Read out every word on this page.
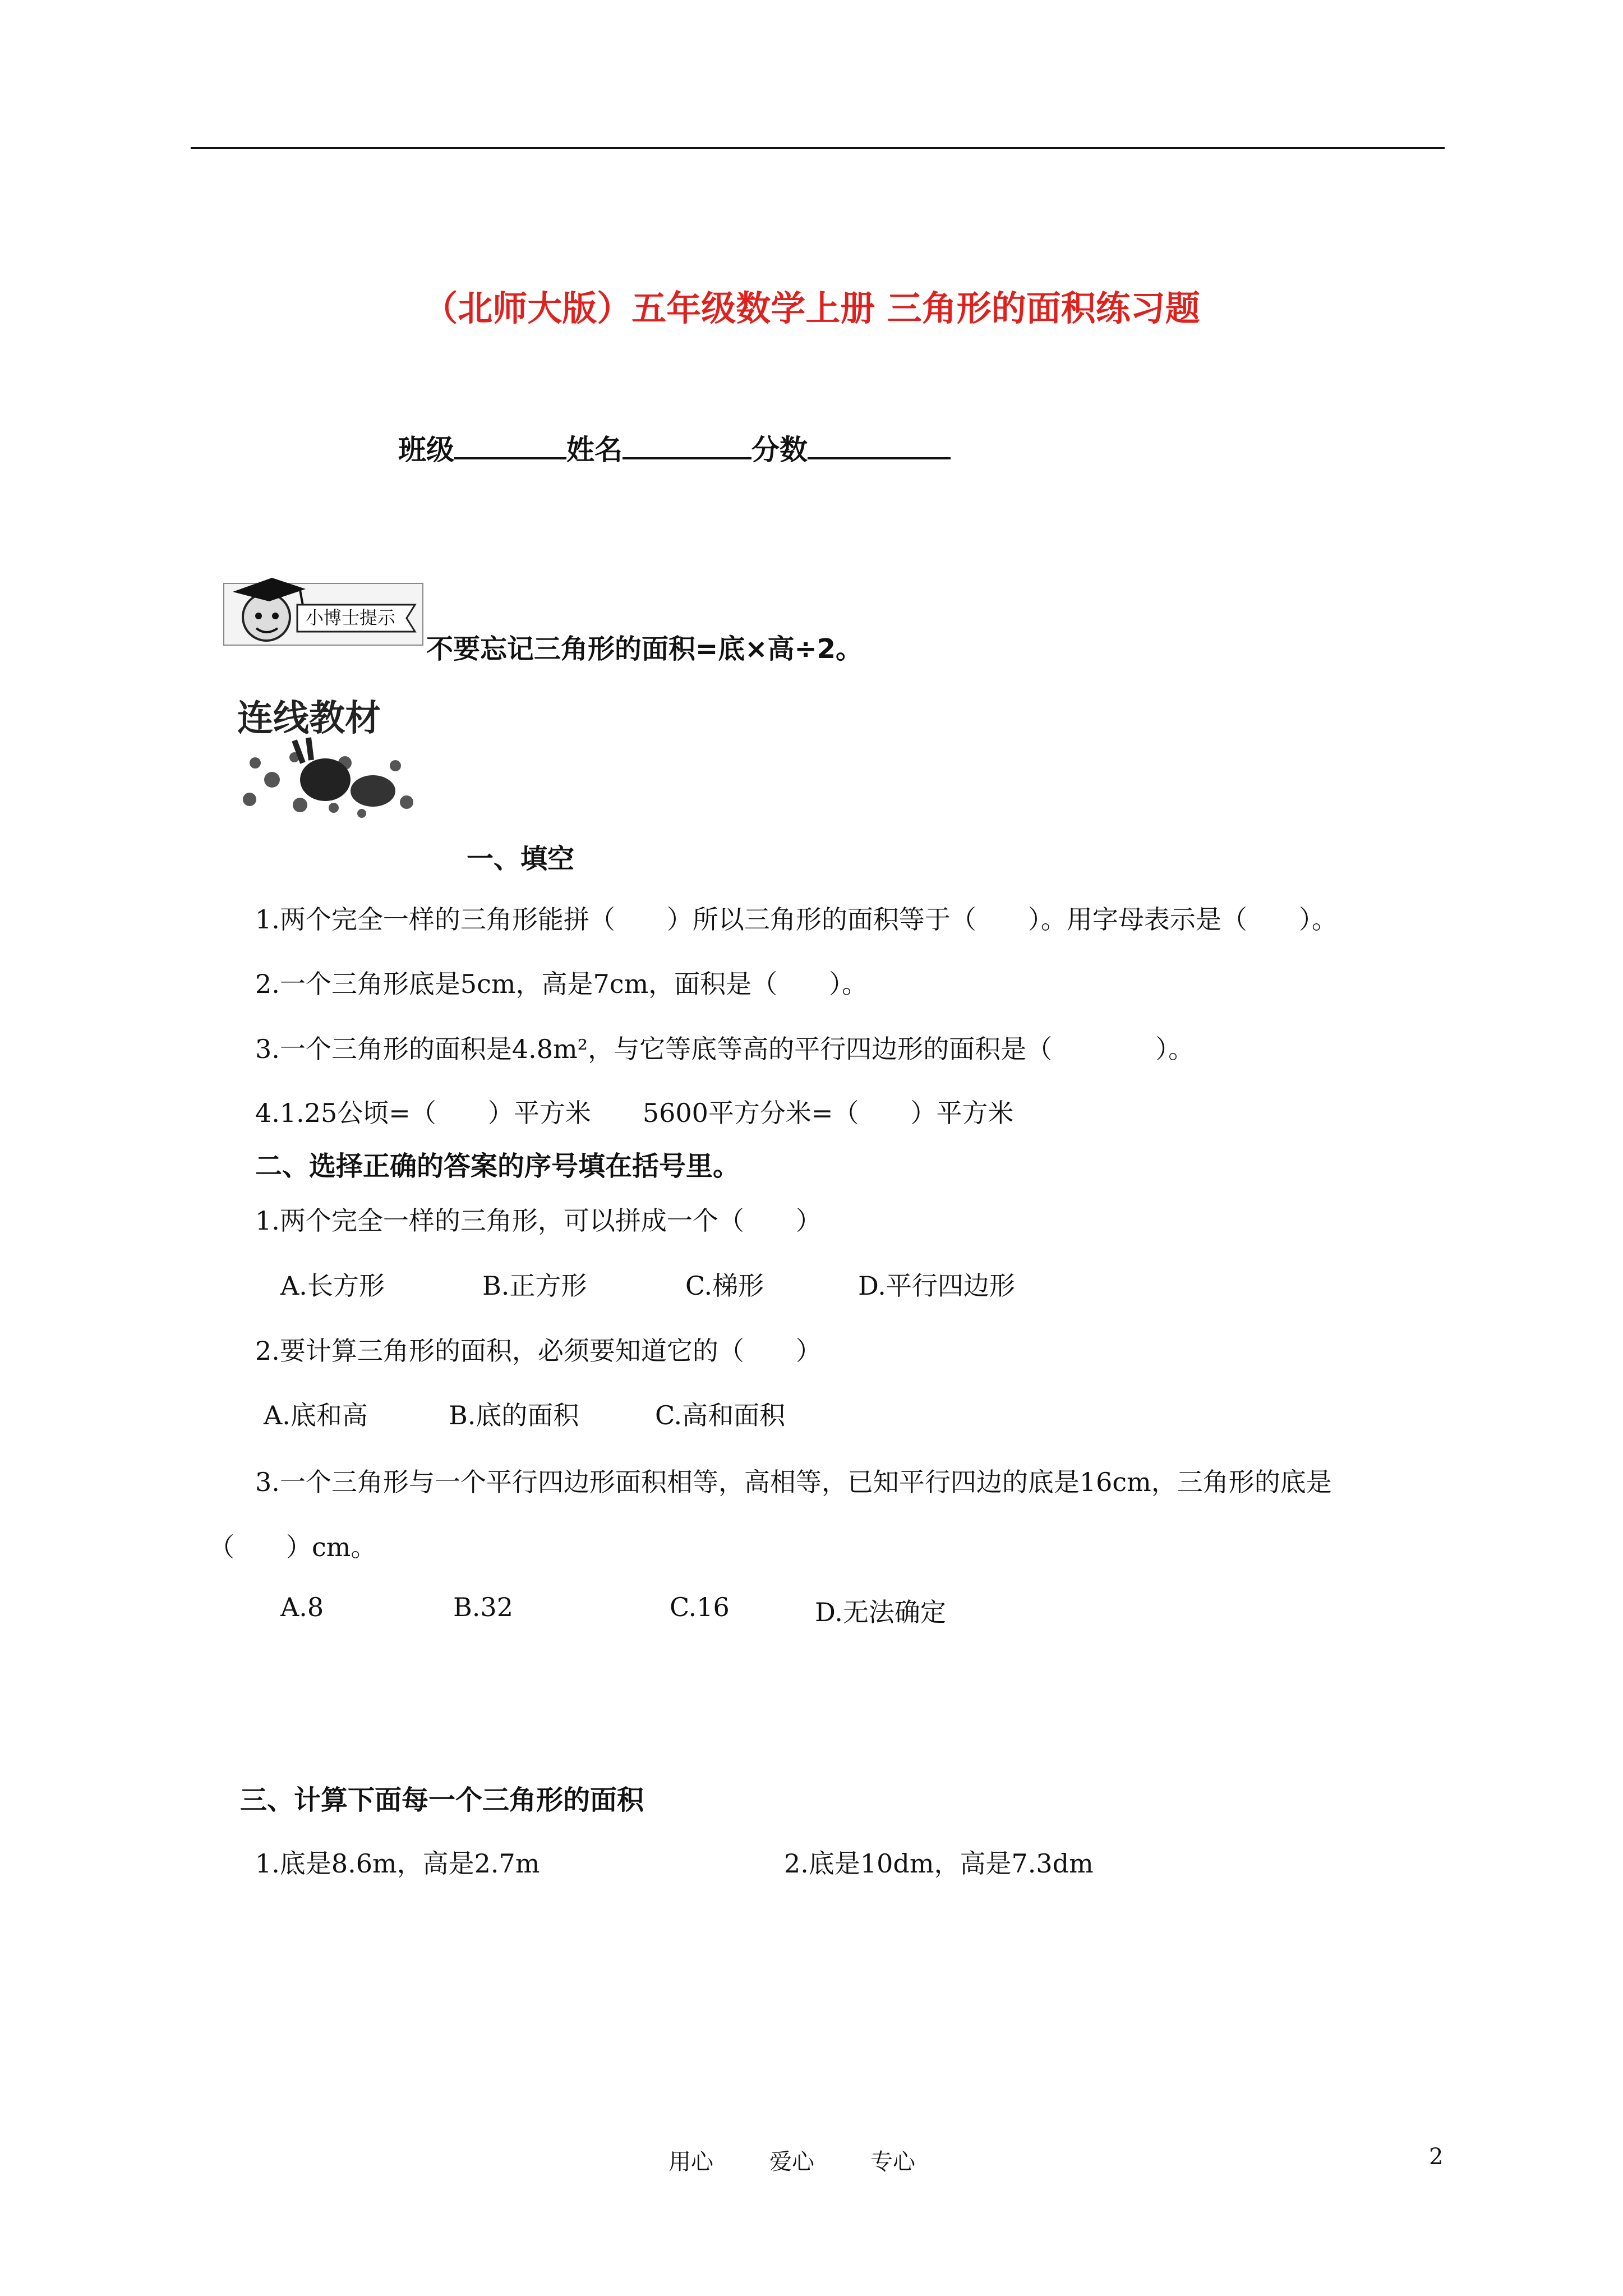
（北师大版）五年级数学上册 三角形的面积练习题
班级	姓名	分数
小博士提示
不要忘记三角形的面积=底×高÷2。
连线教材
一、填空
1.两个完全一样的三角形能拼（　　）所以三角形的面积等于（　　）。用字母表示是（　　）。
2.一个三角形底是5cm，高是7cm，面积是（　　）。
3.一个三角形的面积是4.8m²，与它等底等高的平行四边形的面积是（　　　　）。
4.1.25公顷=（　　）平方米　　5600平方分米=（　　）平方米
二、选择正确的答案的序号填在括号里。
1.两个完全一样的三角形，可以拼成一个（　　）
A.长方形	B.正方形	C.梯形	D.平行四边形
2.要计算三角形的面积，必须要知道它的（　　）
A.底和高	B.底的面积	C.高和面积
3.一个三角形与一个平行四边形面积相等，高相等，已知平行四边的底是16cm，三角形的底是
（　　）cm。
A.8	B.32	C.16	D.无法确定
三、计算下面每一个三角形的面积
1.底是8.6m，高是2.7m	2.底是10dm，高是7.3dm
用心	爱心	专心	2
